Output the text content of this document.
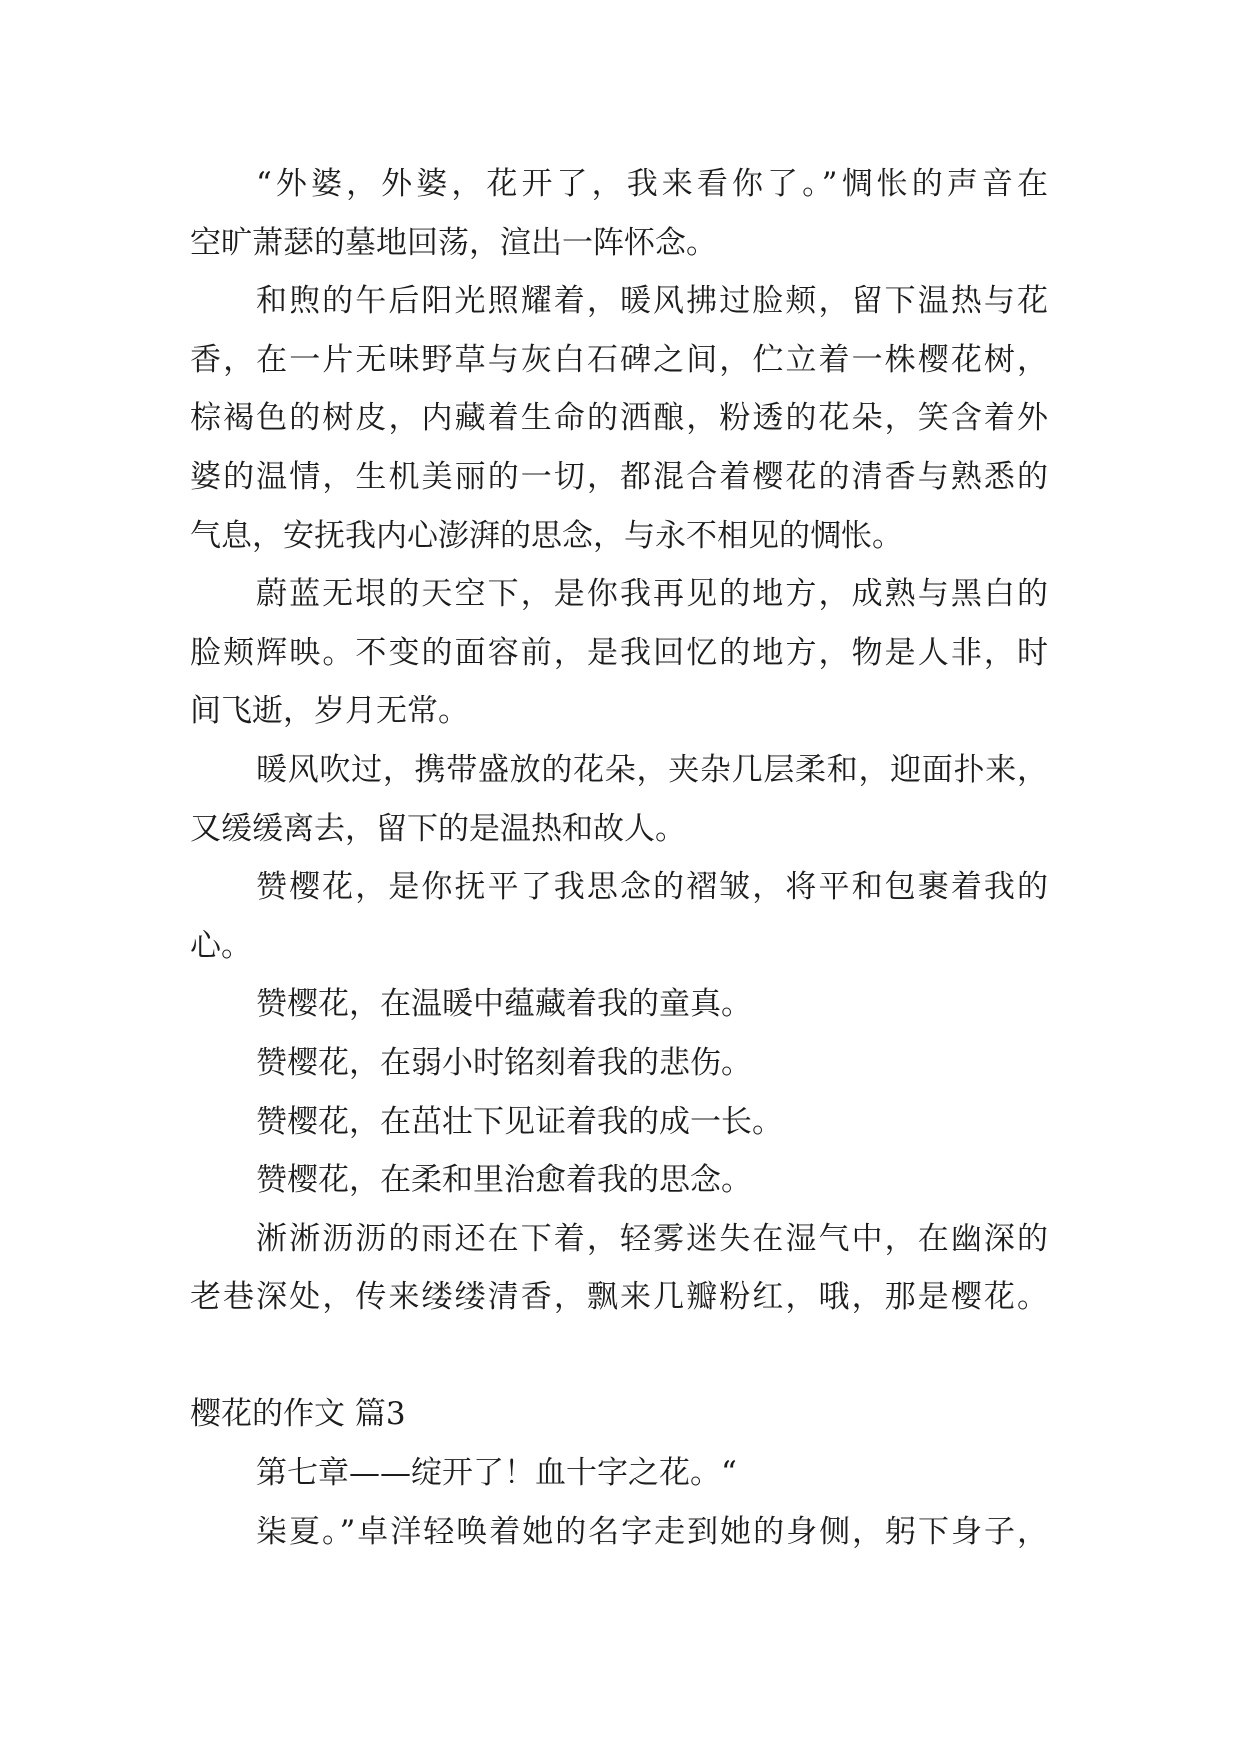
“外婆，外婆，花开了，我来看你了。”惆怅的声音在
空旷萧瑟的墓地回荡，渲出一阵怀念。
和煦的午后阳光照耀着，暖风拂过脸颊，留下温热与花
香，在一片无味野草与灰白石碑之间，伫立着一株樱花树，
棕褐色的树皮，内藏着生命的洒酿，粉透的花朵，笑含着外
婆的温情，生机美丽的一切，都混合着樱花的清香与熟悉的
气息，安抚我内心澎湃的思念，与永不相见的惆怅。
蔚蓝无垠的天空下，是你我再见的地方，成熟与黑白的
脸颊辉映。不变的面容前，是我回忆的地方，物是人非，时
间飞逝，岁月无常。
暖风吹过，携带盛放的花朵，夹杂几层柔和，迎面扑来，
又缓缓离去，留下的是温热和故人。
赞樱花，是你抚平了我思念的褶皱，将平和包裹着我的
心。
赞樱花，在温暖中蕴藏着我的童真。
赞樱花，在弱小时铭刻着我的悲伤。
赞樱花，在茁壮下见证着我的成一长。
赞樱花，在柔和里治愈着我的思念。
淅淅沥沥的雨还在下着，轻雾迷失在湿气中，在幽深的
老巷深处，传来缕缕清香，飘来几瓣粉红，哦，那是樱花。
樱花的作文 篇3
第七章——绽开了！血十字之花。“
柒夏。”卓洋轻唤着她的名字走到她的身侧，躬下身子，
